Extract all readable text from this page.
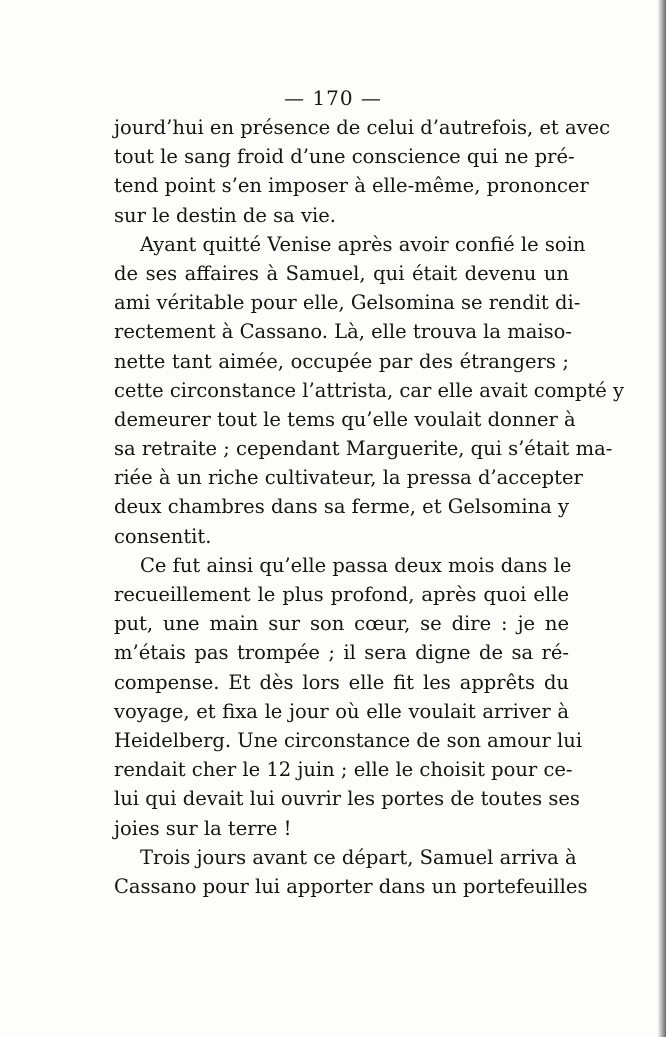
— 170 —
jourd’hui en présence de celui d’autrefois, et avec
tout le sang froid d’une conscience qui ne pré-
tend point s’en imposer à elle-même, prononcer
sur le destin de sa vie.
Ayant quitté Venise après avoir confié le soin
de ses affaires à Samuel, qui était devenu un
ami véritable pour elle, Gelsomina se rendit di-
rectement à Cassano. Là, elle trouva la maiso-
nette tant aimée, occupée par des étrangers ;
cette circonstance l’attrista, car elle avait compté y
demeurer tout le tems qu’elle voulait donner à
sa retraite ; cependant Marguerite, qui s’était ma-
riée à un riche cultivateur, la pressa d’accepter
deux chambres dans sa ferme, et Gelsomina y
consentit.
Ce fut ainsi qu’elle passa deux mois dans le
recueillement le plus profond, après quoi elle
put, une main sur son cœur, se dire : je ne
m’étais pas trompée ; il sera digne de sa ré-
compense. Et dès lors elle fit les apprêts du
voyage, et fixa le jour où elle voulait arriver à
Heidelberg. Une circonstance de son amour lui
rendait cher le 12 juin ; elle le choisit pour ce-
lui qui devait lui ouvrir les portes de toutes ses
joies sur la terre !
Trois jours avant ce départ, Samuel arriva à
Cassano pour lui apporter dans un portefeuilles
